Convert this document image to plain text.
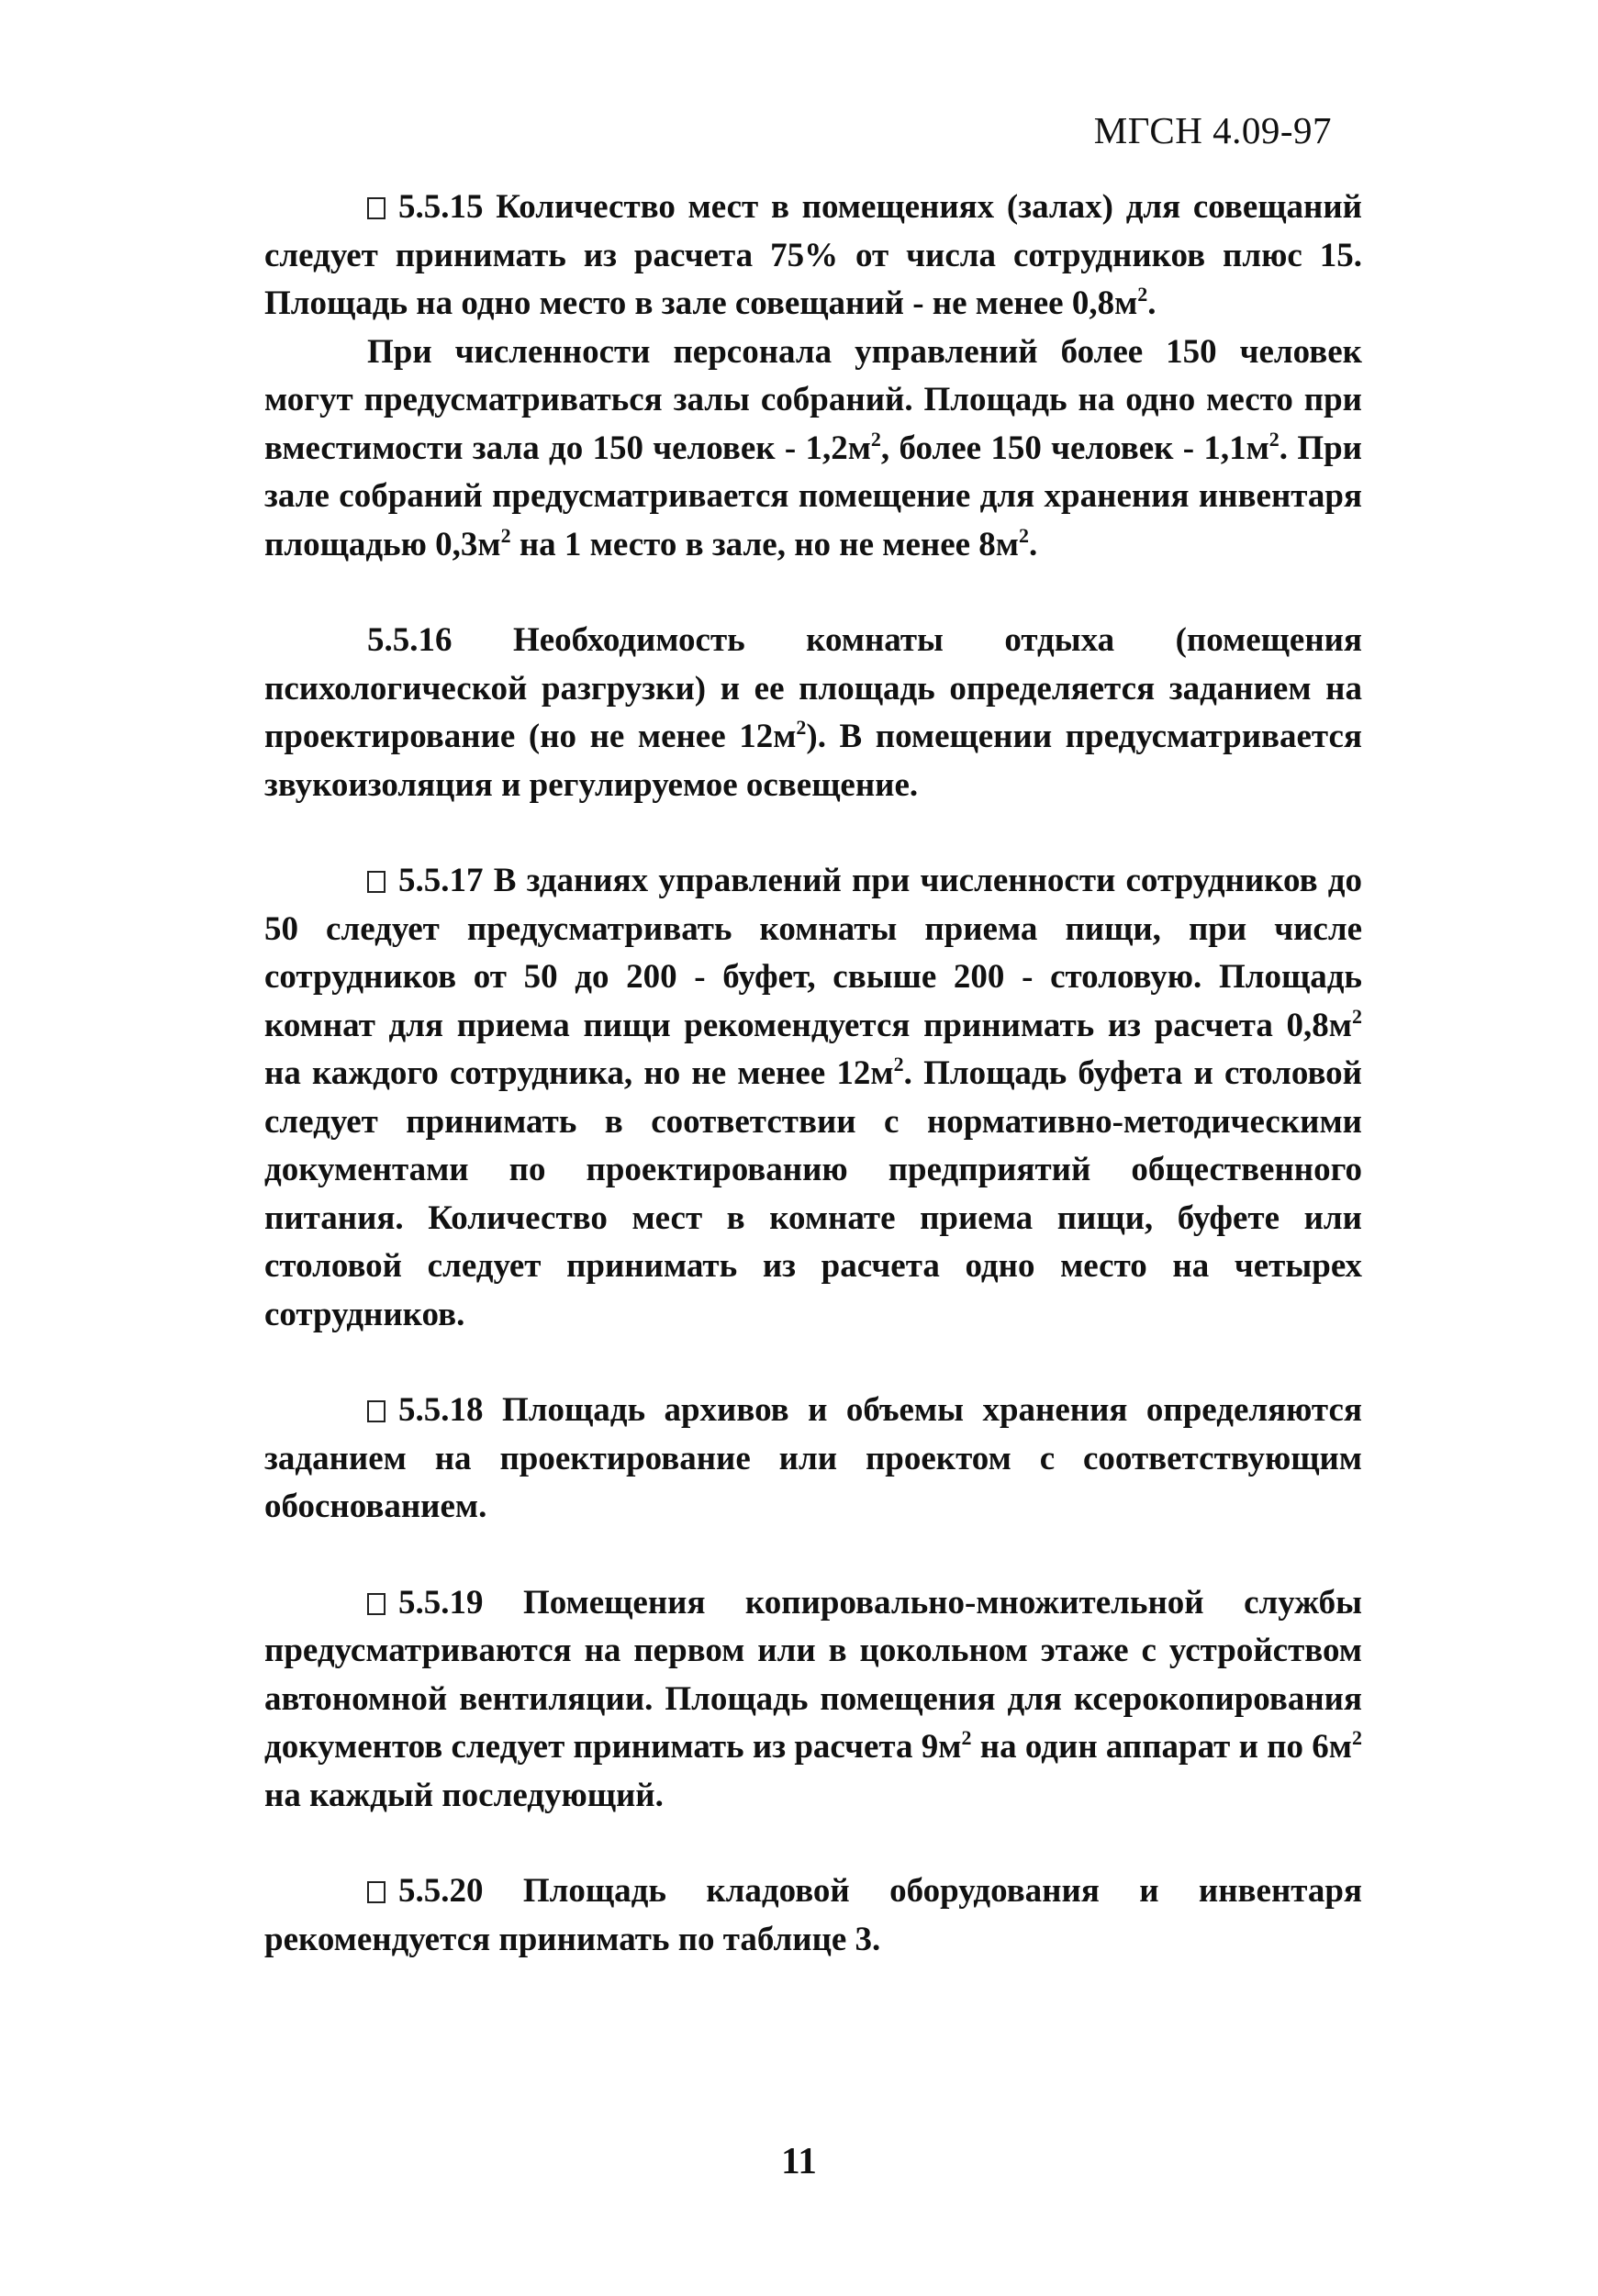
МГСН 4.09-97

5.5.15 Количество мест в помещениях (залах) для совещаний следует принимать из расчета 75% от числа сотрудников плюс 15. Площадь на одно место в зале совещаний - не менее $0,8м^2$.

При численности персонала управлений более 150 человек могут предусматриваться залы собраний. Площадь на одно место при вместимости зала до 150 человек - $1,2м^2$, более 150 человек - $1,1м^2$. При зале собраний предусматривается помещение для хранения инвентаря площадью $0,3м^2$ на 1 место в зале, но не менее $8м^2$.

5.5.16 Необходимость комнаты отдыха (помещения психологической разгрузки) и ее площадь определяется заданием на проектирование (но не менее $12м^2$). В помещении предусматривается звукоизоляция и регулируемое освещение.

5.5.17 В зданиях управлений при численности сотрудников до 50 следует предусматривать комнаты приема пищи, при числе сотрудников от 50 до 200 - буфет, свыше 200 - столовую. Площадь комнат для приема пищи рекомендуется принимать из расчета $0,8м^2$ на каждого сотрудника, но не менее $12м^2$. Площадь буфета и столовой следует принимать в соответствии с нормативно-методическими документами по проектированию предприятий общественного питания. Количество мест в комнате приема пищи, буфете или столовой следует принимать из расчета одно место на четырех сотрудников.

5.5.18 Площадь архивов и объемы хранения определяются заданием на проектирование или проектом с соответствующим обоснованием.

5.5.19 Помещения копировально-множительной службы предусматриваются на первом или в цокольном этаже с устройством автономной вентиляции. Площадь помещения для ксерокопирования документов следует принимать из расчета $9м^2$ на один аппарат и по $6м^2$ на каждый последующий.

5.5.20 Площадь кладовой оборудования и инвентаря рекомендуется принимать по таблице 3.

11
